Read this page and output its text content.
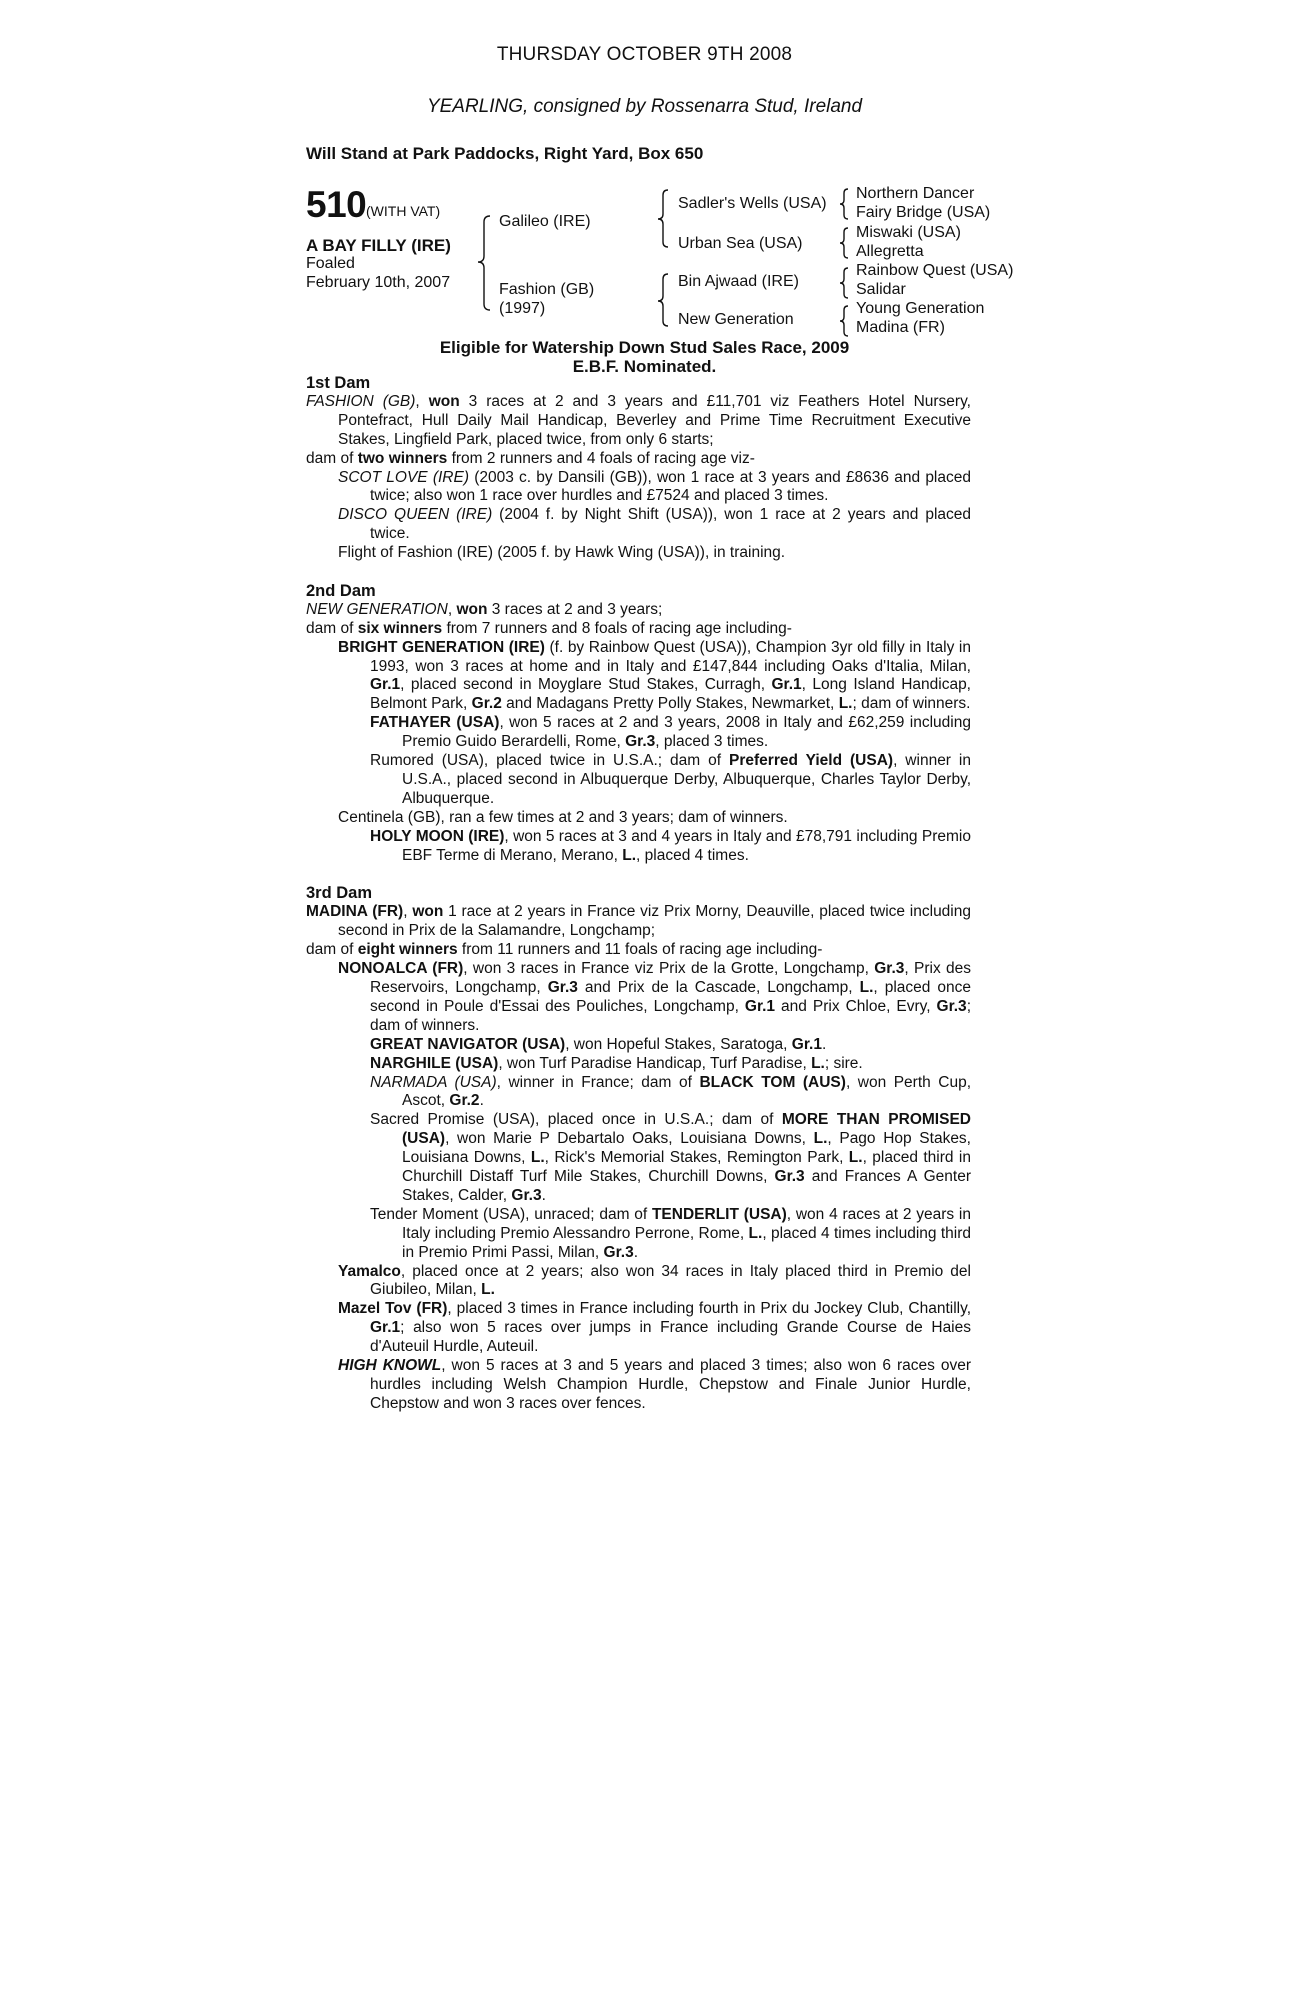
THURSDAY OCTOBER 9TH 2008
YEARLING, consigned by Rossenarra Stud, Ireland
Will Stand at Park Paddocks, Right Yard, Box 650
510 (WITH VAT)
A BAY FILLY (IRE)
Foaled
February 10th, 2007
Galileo (IRE)
Fashion (GB)
(1997)
Sadler's Wells (USA)
Urban Sea (USA)
Bin Ajwaad (IRE)
New Generation
Northern Dancer
Fairy Bridge (USA)
Miswaki (USA)
Allegretta
Rainbow Quest (USA)
Salidar
Young Generation
Madina (FR)
Eligible for Watership Down Stud Sales Race, 2009
E.B.F. Nominated.
1st Dam
FASHION (GB), won 3 races at 2 and 3 years and £11,701 viz Feathers Hotel Nursery, Pontefract, Hull Daily Mail Handicap, Beverley and Prime Time Recruitment Executive Stakes, Lingfield Park, placed twice, from only 6 starts;
dam of two winners from 2 runners and 4 foals of racing age viz-
SCOT LOVE (IRE) (2003 c. by Dansili (GB)), won 1 race at 3 years and £8636 and placed twice; also won 1 race over hurdles and £7524 and placed 3 times.
DISCO QUEEN (IRE) (2004 f. by Night Shift (USA)), won 1 race at 2 years and placed twice.
Flight of Fashion (IRE) (2005 f. by Hawk Wing (USA)), in training.
2nd Dam
NEW GENERATION, won 3 races at 2 and 3 years;
dam of six winners from 7 runners and 8 foals of racing age including-
BRIGHT GENERATION (IRE) (f. by Rainbow Quest (USA)), Champion 3yr old filly in Italy in 1993, won 3 races at home and in Italy and £147,844 including Oaks d'Italia, Milan, Gr.1, placed second in Moyglare Stud Stakes, Curragh, Gr.1, Long Island Handicap, Belmont Park, Gr.2 and Madagans Pretty Polly Stakes, Newmarket, L.; dam of winners.
FATHAYER (USA), won 5 races at 2 and 3 years, 2008 in Italy and £62,259 including Premio Guido Berardelli, Rome, Gr.3, placed 3 times.
Rumored (USA), placed twice in U.S.A.; dam of Preferred Yield (USA), winner in U.S.A., placed second in Albuquerque Derby, Albuquerque, Charles Taylor Derby, Albuquerque.
Centinela (GB), ran a few times at 2 and 3 years; dam of winners.
HOLY MOON (IRE), won 5 races at 3 and 4 years in Italy and £78,791 including Premio EBF Terme di Merano, Merano, L., placed 4 times.
3rd Dam
MADINA (FR), won 1 race at 2 years in France viz Prix Morny, Deauville, placed twice including second in Prix de la Salamandre, Longchamp;
dam of eight winners from 11 runners and 11 foals of racing age including-
NONOALCA (FR), won 3 races in France viz Prix de la Grotte, Longchamp, Gr.3, Prix des Reservoirs, Longchamp, Gr.3 and Prix de la Cascade, Longchamp, L., placed once second in Poule d'Essai des Pouliches, Longchamp, Gr.1 and Prix Chloe, Evry, Gr.3; dam of winners.
GREAT NAVIGATOR (USA), won Hopeful Stakes, Saratoga, Gr.1.
NARGHILE (USA), won Turf Paradise Handicap, Turf Paradise, L.; sire.
NARMADA (USA), winner in France; dam of BLACK TOM (AUS), won Perth Cup, Ascot, Gr.2.
Sacred Promise (USA), placed once in U.S.A.; dam of MORE THAN PROMISED (USA), won Marie P Debartalo Oaks, Louisiana Downs, L., Pago Hop Stakes, Louisiana Downs, L., Rick's Memorial Stakes, Remington Park, L., placed third in Churchill Distaff Turf Mile Stakes, Churchill Downs, Gr.3 and Frances A Genter Stakes, Calder, Gr.3.
Tender Moment (USA), unraced; dam of TENDERLIT (USA), won 4 races at 2 years in Italy including Premio Alessandro Perrone, Rome, L., placed 4 times including third in Premio Primi Passi, Milan, Gr.3.
Yamalco, placed once at 2 years; also won 34 races in Italy placed third in Premio del Giubileo, Milan, L.
Mazel Tov (FR), placed 3 times in France including fourth in Prix du Jockey Club, Chantilly, Gr.1; also won 5 races over jumps in France including Grande Course de Haies d'Auteuil Hurdle, Auteuil.
HIGH KNOWL, won 5 races at 3 and 5 years and placed 3 times; also won 6 races over hurdles including Welsh Champion Hurdle, Chepstow and Finale Junior Hurdle, Chepstow and won 3 races over fences.
